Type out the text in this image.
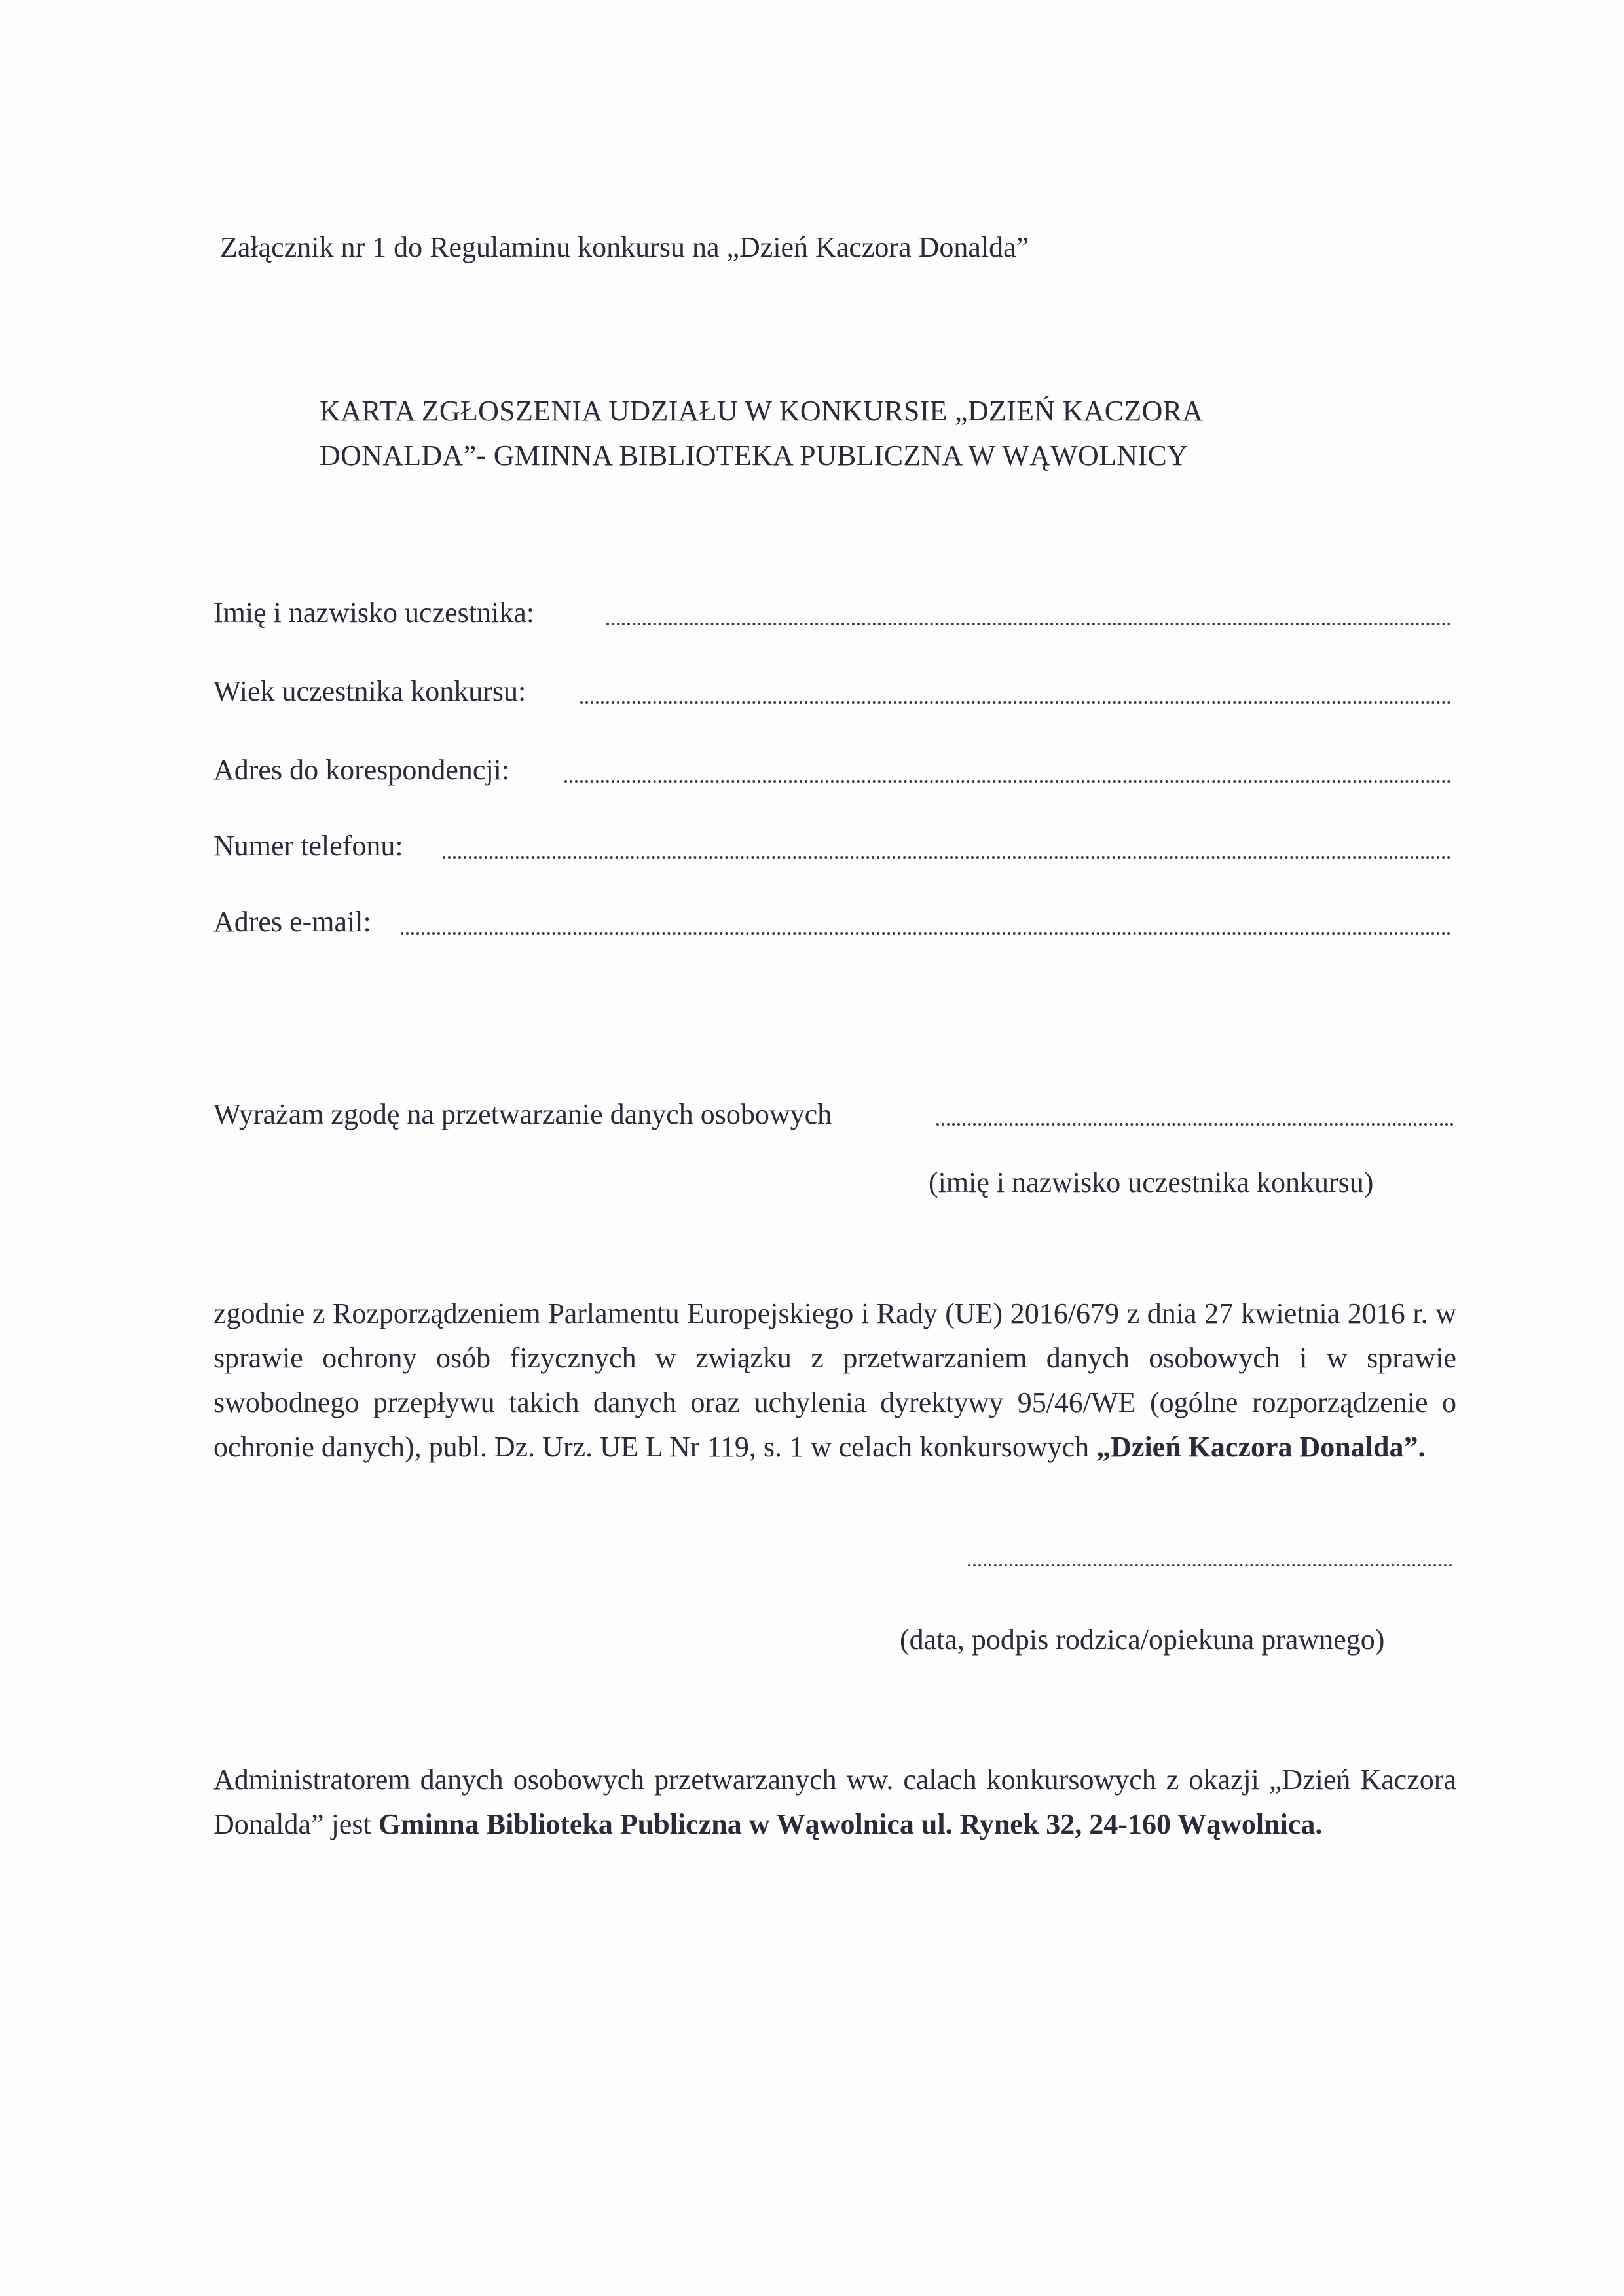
Załącznik nr 1 do Regulaminu konkursu na „Dzień Kaczora Donalda”
KARTA ZGŁOSZENIA UDZIAŁU W KONKURSIE „DZIEŃ KACZORA
DONALDA”- GMINNA BIBLIOTEKA PUBLICZNA W WĄWOLNICY
Imię i nazwisko uczestnika:
Wiek uczestnika konkursu:
Adres do korespondencji:
Numer telefonu:
Adres e-mail:
Wyrażam zgodę na przetwarzanie danych osobowych
(imię i nazwisko uczestnika konkursu)
zgodnie z Rozporządzeniem Parlamentu Europejskiego i Rady (UE) 2016/679 z dnia 27 kwietnia 2016 r. w sprawie ochrony osób fizycznych w związku z przetwarzaniem danych osobowych i w sprawie swobodnego przepływu takich danych oraz uchylenia dyrektywy 95/46/WE (ogólne rozporządzenie o ochronie danych), publ. Dz. Urz. UE L Nr 119, s. 1 w celach konkursowych „Dzień Kaczora Donalda”.
(data, podpis rodzica/opiekuna prawnego)
Administratorem danych osobowych przetwarzanych ww. calach konkursowych z okazji „Dzień Kaczora Donalda” jest Gminna Biblioteka Publiczna w Wąwolnica ul. Rynek 32, 24-160 Wąwolnica.
